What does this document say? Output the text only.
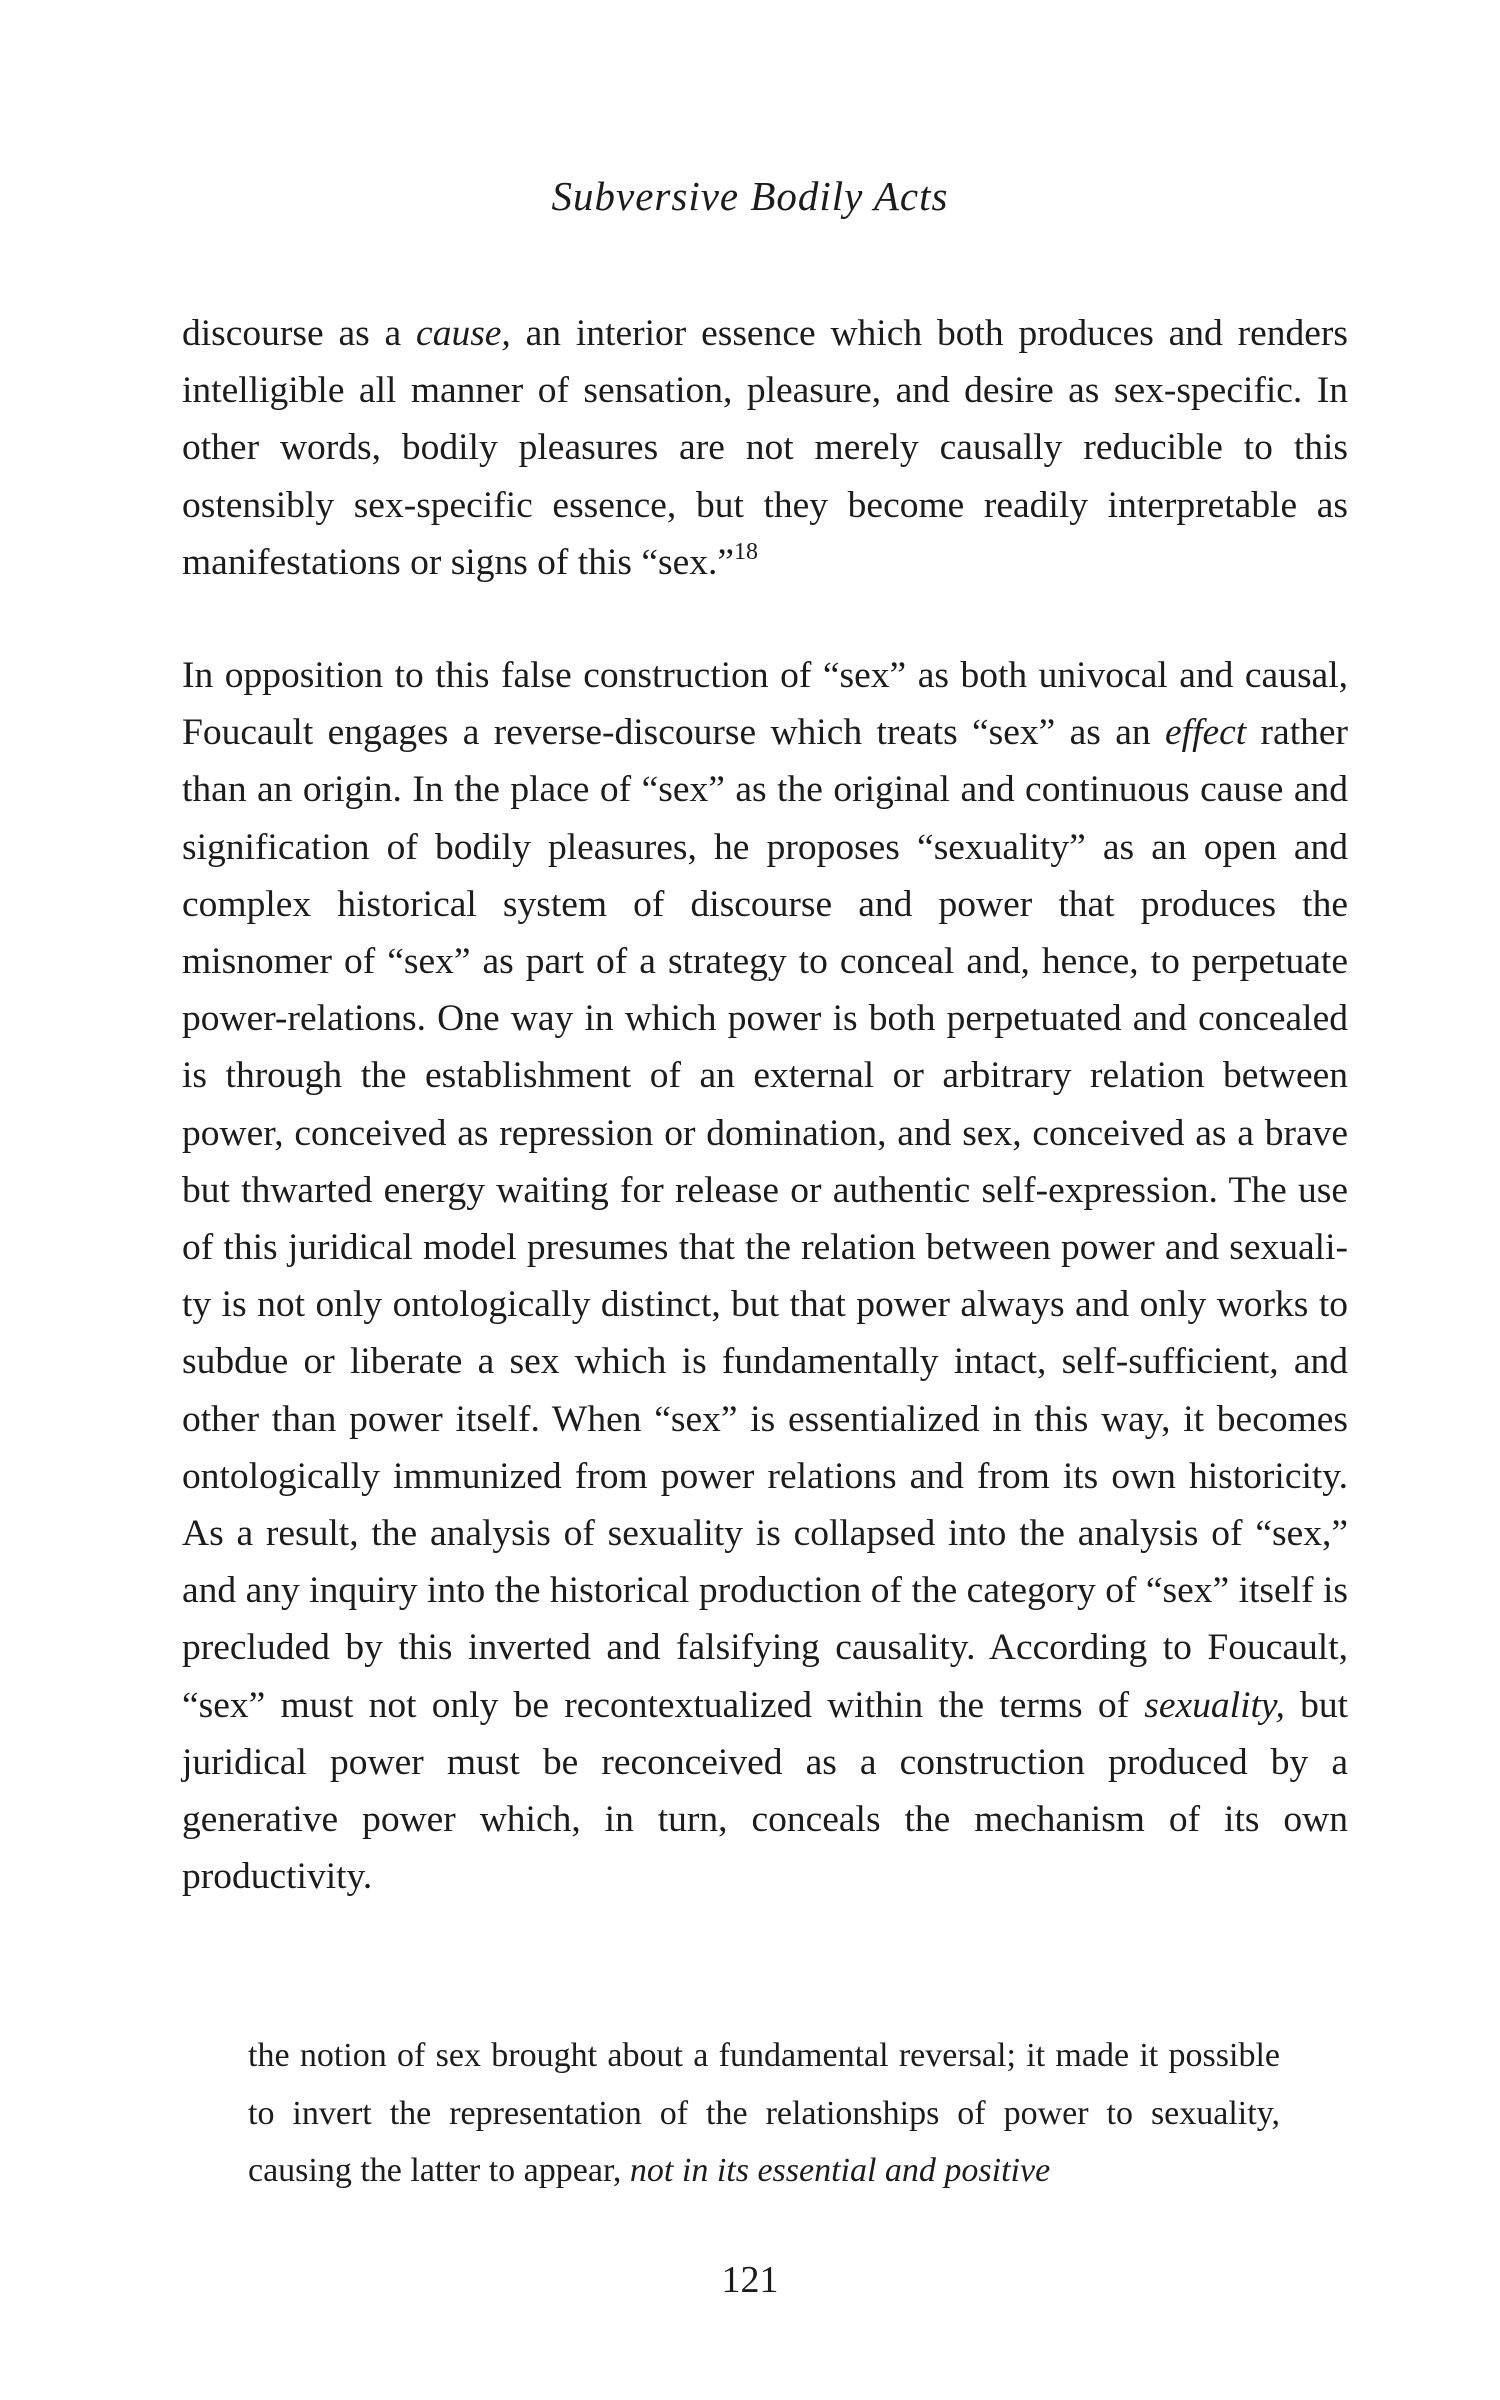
Subversive Bodily Acts

discourse as a cause, an interior essence which both produces and renders intelligible all manner of sensation, pleasure, and desire as sex-specific. In other words, bodily pleasures are not merely causally reducible to this ostensibly sex-specific essence, but they become readily interpretable as manifestations or signs of this “sex.”$^{18}$

In opposition to this false construction of “sex” as both univocal and causal, Foucault engages a reverse-discourse which treats “sex” as an effect rather than an origin. In the place of “sex” as the original and continuous cause and signification of bodily pleasures, he proposes “sexuality” as an open and complex historical system of discourse and power that produces the misnomer of “sex” as part of a strategy to conceal and, hence, to perpetuate power-relations. One way in which power is both perpetuated and concealed is through the establishment of an external or arbitrary relation between power, conceived as repression or domination, and sex, conceived as a brave but thwarted energy waiting for release or authentic self-expression. The use of this juridical model presumes that the relation between power and sexuality is not only ontologically distinct, but that power always and only works to subdue or liberate a sex which is fundamentally intact, self-sufficient, and other than power itself. When “sex” is essentialized in this way, it becomes ontologically immunized from power relations and from its own historicity. As a result, the analysis of sexuality is collapsed into the analysis of “sex,” and any inquiry into the historical production of the category of “sex” itself is precluded by this inverted and falsifying causality. According to Foucault, “sex” must not only be recontextualized within the terms of sexuality, but juridical power must be reconceived as a construction produced by a generative power which, in turn, conceals the mechanism of its own productivity.

the notion of sex brought about a fundamental reversal; it made it possible to invert the representation of the relationships of power to sexuality, causing the latter to appear, not in its essential and positive

121
